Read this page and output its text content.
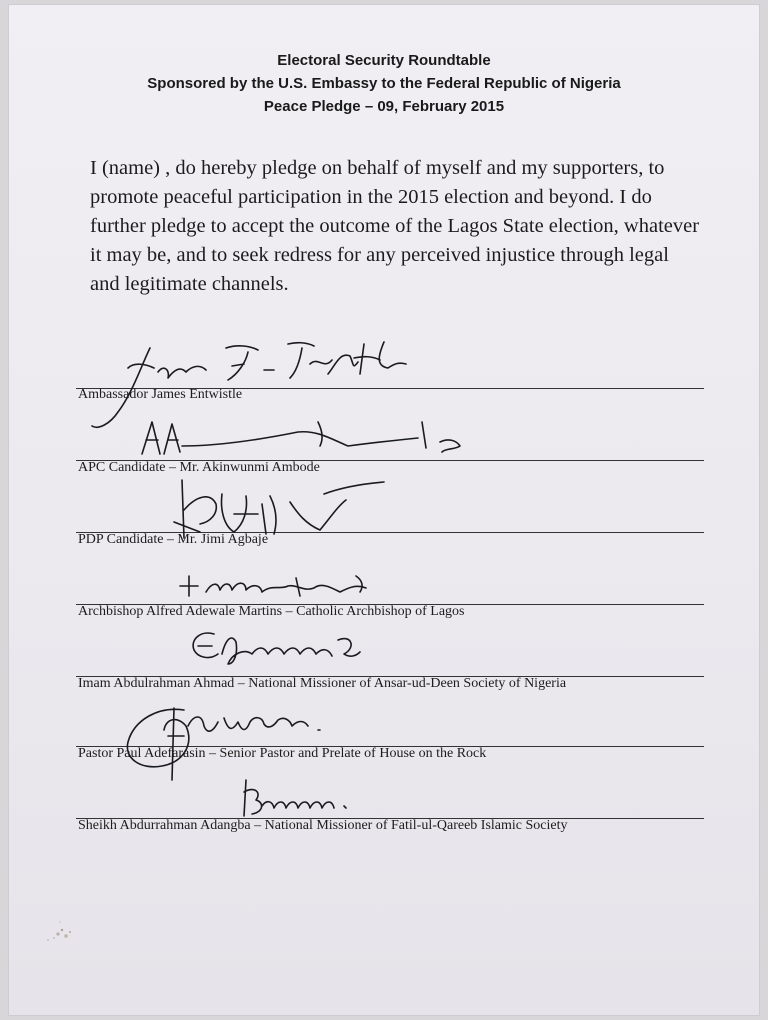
Electoral Security Roundtable
Sponsored by the U.S. Embassy to the Federal Republic of Nigeria
Peace Pledge – 09, February 2015

I (name) , do hereby pledge on behalf of myself and my supporters, to promote peaceful participation in the 2015 election and beyond. I do further pledge to accept the outcome of the Lagos State election, whatever it may be, and to seek redress for any perceived injustice through legal and legitimate channels.

Ambassador James Entwistle
APC Candidate – Mr. Akinwunmi Ambode
PDP Candidate – Mr. Jimi Agbaje
Archbishop Alfred Adewale Martins – Catholic Archbishop of Lagos
Imam Abdulrahman Ahmad – National Missioner of Ansar-ud-Deen Society of Nigeria
Pastor Paul Adefarasin – Senior Pastor and Prelate of House on the Rock
Sheikh Abdurrahman Adangba – National Missioner of Fatil-ul-Qareeb Islamic Society
